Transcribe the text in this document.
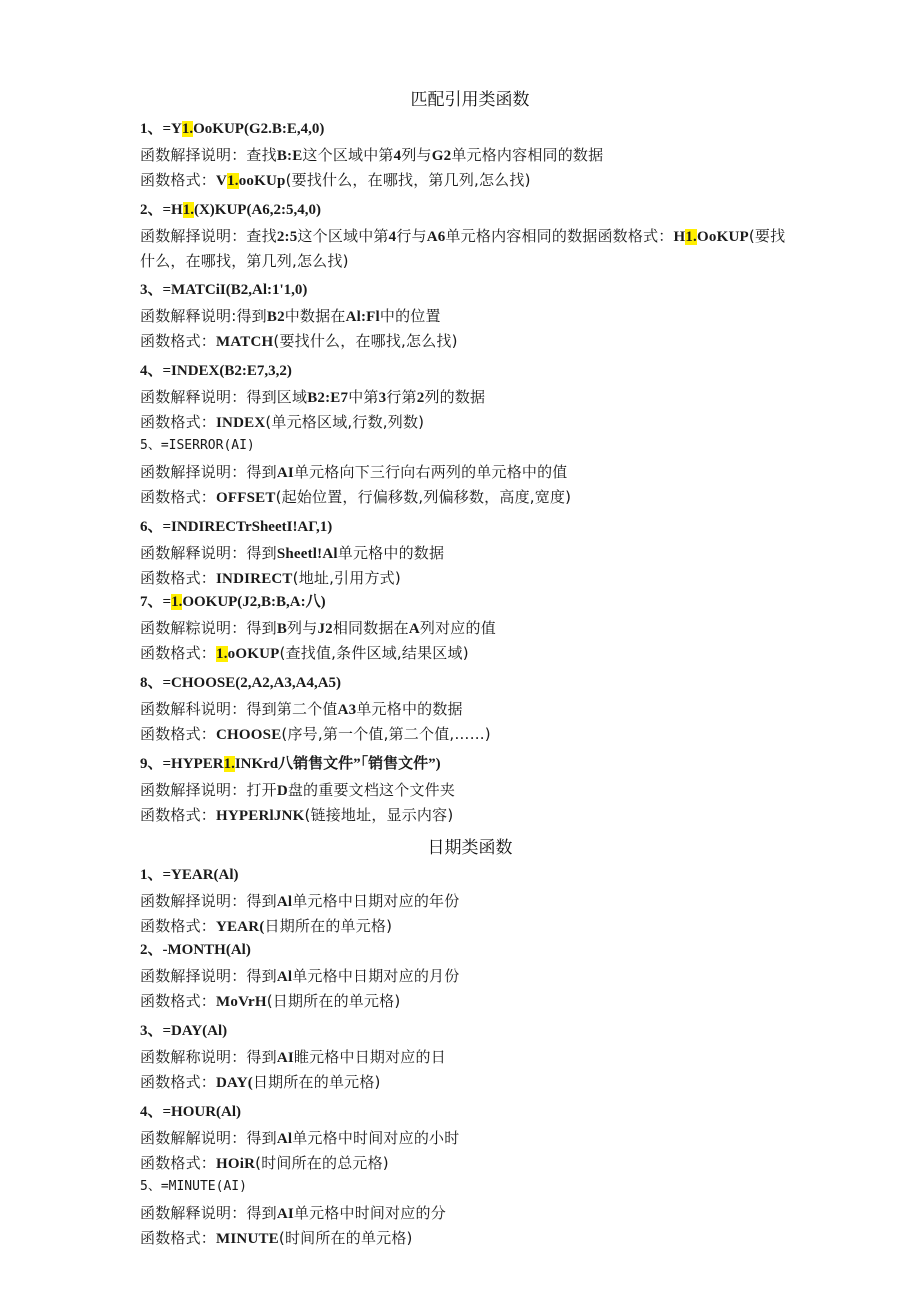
匹配引用类函数
1、=Y1.OoKUP(G2.B:E,4,0)
函数解择说明：查找B:E这个区域中第4列与G2单元格内容相同的数据
函数格式：V1.ooKUp(要找什么，在哪找，第几列,怎么找)
2、=H1.(X)KUP(A6,2:5,4,0)
函数解择说明：查找2:5这个区域中第4行与A6单元格内容相同的数据函数格式：H1.OoKUP(要找什么，在哪找，第几列,怎么找)
3、=MATCiI(B2,Al:1'1,0)
函数解释说明:得到B2中数据在Al:Fl中的位置
函数格式：MATCH(要找什么，在哪找,怎么找)
4、=INDEX(B2:E7,3,2)
函数解释说明：得到区域B2:E7中第3行第2列的数据
函数格式：INDEX(单元格区域,行数,列数)
5、=ISERROR(AI)
函数解择说明：得到AI单元格向下三行向右两列的单元格中的值
函数格式：OFFSET(起始位置，行偏移数,列偏移数，高度,宽度)
6、=INDIRECTrSheetI!AΓ,1)
函数解释说明：得到Sheetl!Al单元格中的数据
函数格式：INDIRECT(地址,引用方式)
7、=1.OOKUP(J2,B:B,A:八)
函数解粽说明：得到B列与J2相同数据在A列对应的值
函数格式：1.oOKUP(查找值,条件区域,结果区域)
8、=CHOOSE(2,A2,A3,A4,A5)
函数解科说明：得到第二个值A3单元格中的数据
函数格式：CHOOSE(序号,第一个值,第二个值,……)
9、=HYPER1.INKrd八销售文件”「销售文件”)
函数解择说明：打开D盘的重要文档这个文件夹
函数格式：HYPERlJNK(链接地址，显示内容)
日期类函数
1、=YEAR(Al)
函数解择说明：得到Al单元格中日期对应的年份
函数格式：YEAR(日期所在的单元格)
2、-MONTH(Al)
函数解择说明：得到Al单元格中日期对应的月份
函数格式：MoVrH(日期所在的单元格)
3、=DAY(Al)
函数解称说明：得到AI睢元格中日期对应的日
函数格式：DAY(日期所在的单元格)
4、=HOUR(Al)
函数解解说明：得到Al单元格中时间对应的小时
函数格式：HOiR(时间所在的总元格)
5、=MINUTE(AI)
函数解释说明：得到AI单元格中时间对应的分
函数格式：MINUTE(时间所在的单元格)
